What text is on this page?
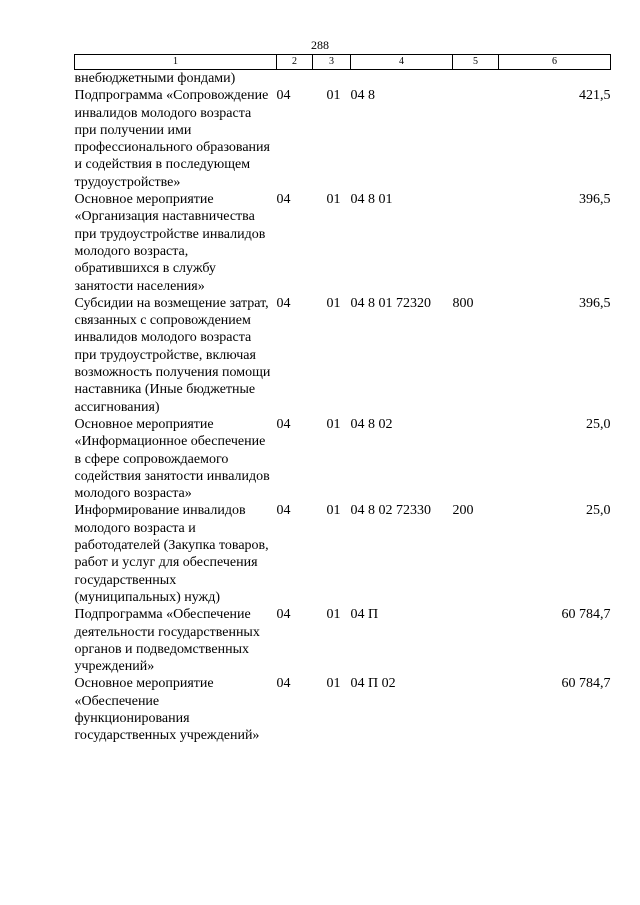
288
1	2	3	4	5	6
внебюджетными фондами)					
Подпрограмма «Сопровождение инвалидов молодого возраста при получении ими профессионального образования и содействия в последующем трудоустройстве»	04	01	04 8		421,5
Основное мероприятие «Организация наставничества при трудоустройстве инвалидов молодого возраста, обратившихся в службу занятости населения»	04	01	04 8 01		396,5
Субсидии на возмещение затрат, связанных с сопровождением инвалидов молодого возраста при трудоустройстве, включая возможность получения помощи наставника (Иные бюджетные ассигнования)	04	01	04 8 01 72320	800	396,5
Основное мероприятие «Информационное обеспечение в сфере сопровождаемого содействия занятости инвалидов молодого возраста»	04	01	04 8 02		25,0
Информирование инвалидов молодого возраста и работодателей (Закупка товаров, работ и услуг для обеспечения государственных (муниципальных) нужд)	04	01	04 8 02 72330	200	25,0
Подпрограмма «Обеспечение деятельности государственных органов и подведомственных учреждений»	04	01	04 П		60 784,7
Основное мероприятие «Обеспечение функционирования государственных учреждений»	04	01	04 П 02		60 784,7
